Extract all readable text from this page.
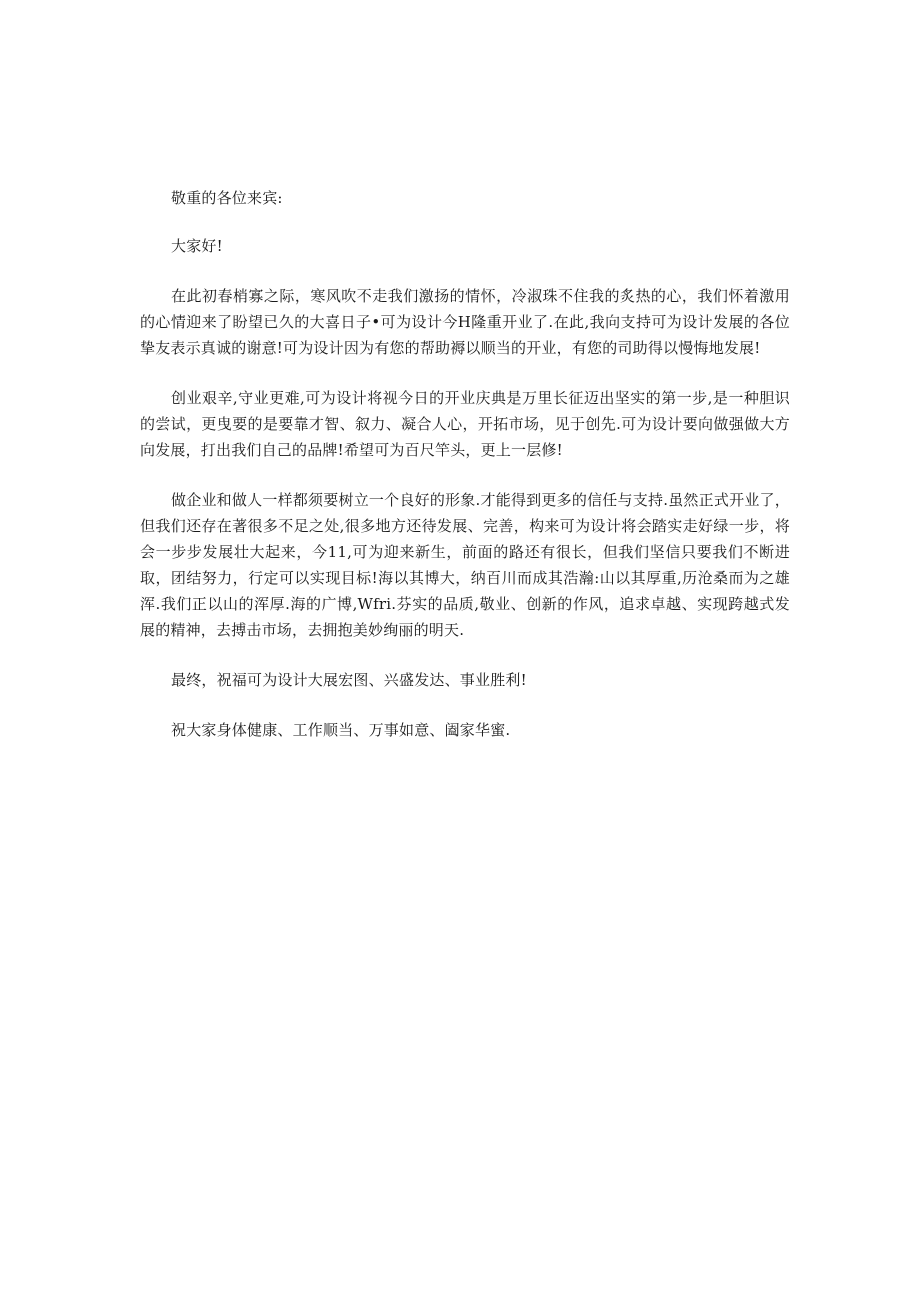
敬重的各位来宾:

大家好!

在此初春梢寡之际，寒风吹不走我们激扬的情怀，冷淑珠不住我的炙热的心，我们怀着激用的心情迎来了盼望已久的大喜日子•可为设计今H隆重开业了.在此,我向支持可为设计发展的各位挚友表示真诚的谢意!可为设计因为有您的帮助褥以顺当的开业，有您的司助得以慢悔地发展!

创业艰辛,守业更难,可为设计将视今日的开业庆典是万里长征迈出坚实的第一步,是一种胆识的尝试，更曳要的是要靠才智、叙力、凝合人心，开拓市场，见于创先.可为设计要向做强做大方向发展，打出我们自己的品牌!希望可为百尺竿头，更上一层修!

做企业和做人一样都须要树立一个良好的形象.才能得到更多的信任与支持.虽然正式开业了，但我们还存在著很多不足之处,很多地方还待发展、完善，构来可为设计将会踏实走好绿一步，将会一步步发展壮大起来，今11,可为迎来新生，前面的路还有很长，但我们坚信只要我们不断进取，团结努力，行定可以实现目标!海以其博大，纳百川而成其浩瀚:山以其厚重,历沧桑而为之雄浑.我们正以山的浑厚.海的广博,Wfri.芬实的品质,敬业、创新的作风，追求卓越、实现跨越式发展的精神，去搏击市场，去拥抱美妙绚丽的明天.

最终，祝福可为设计大展宏图、兴盛发达、事业胜利!

祝大家身体健康、工作顺当、万事如意、阖家华蜜.
